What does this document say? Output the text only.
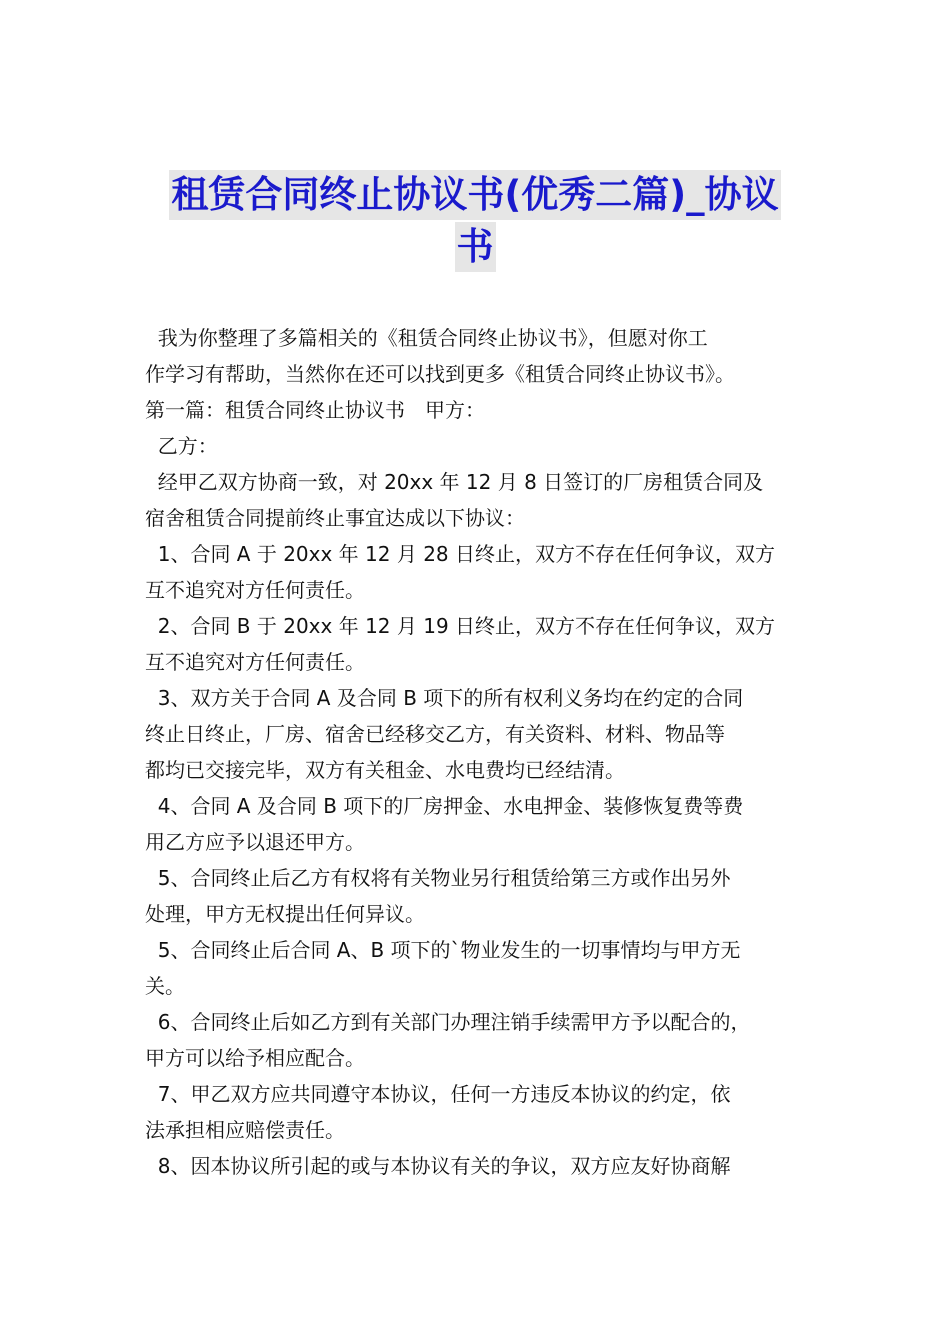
租赁合同终止协议书(优秀二篇)_协议
书
我为你整理了多篇相关的《租赁合同终止协议书》，但愿对你工
作学习有帮助，当然你在还可以找到更多《租赁合同终止协议书》。
第一篇：租赁合同终止协议书　甲方：
乙方：
经甲乙双方协商一致，对 20xx 年 12 月 8 日签订的厂房租赁合同及
宿舍租赁合同提前终止事宜达成以下协议：
1、合同 A 于 20xx 年 12 月 28 日终止，双方不存在任何争议，双方
互不追究对方任何责任。
2、合同 B 于 20xx 年 12 月 19 日终止，双方不存在任何争议，双方
互不追究对方任何责任。
3、双方关于合同 A 及合同 B 项下的所有权利义务均在约定的合同
终止日终止，厂房、宿舍已经移交乙方，有关资料、材料、物品等
都均已交接完毕，双方有关租金、水电费均已经结清。
4、合同 A 及合同 B 项下的厂房押金、水电押金、装修恢复费等费
用乙方应予以退还甲方。
5、合同终止后乙方有权将有关物业另行租赁给第三方或作出另外
处理，甲方无权提出任何异议。
5、合同终止后合同 A、B 项下的`物业发生的一切事情均与甲方无
关。
6、合同终止后如乙方到有关部门办理注销手续需甲方予以配合的，
甲方可以给予相应配合。
7、甲乙双方应共同遵守本协议，任何一方违反本协议的约定，依
法承担相应赔偿责任。
8、因本协议所引起的或与本协议有关的争议，双方应友好协商解
